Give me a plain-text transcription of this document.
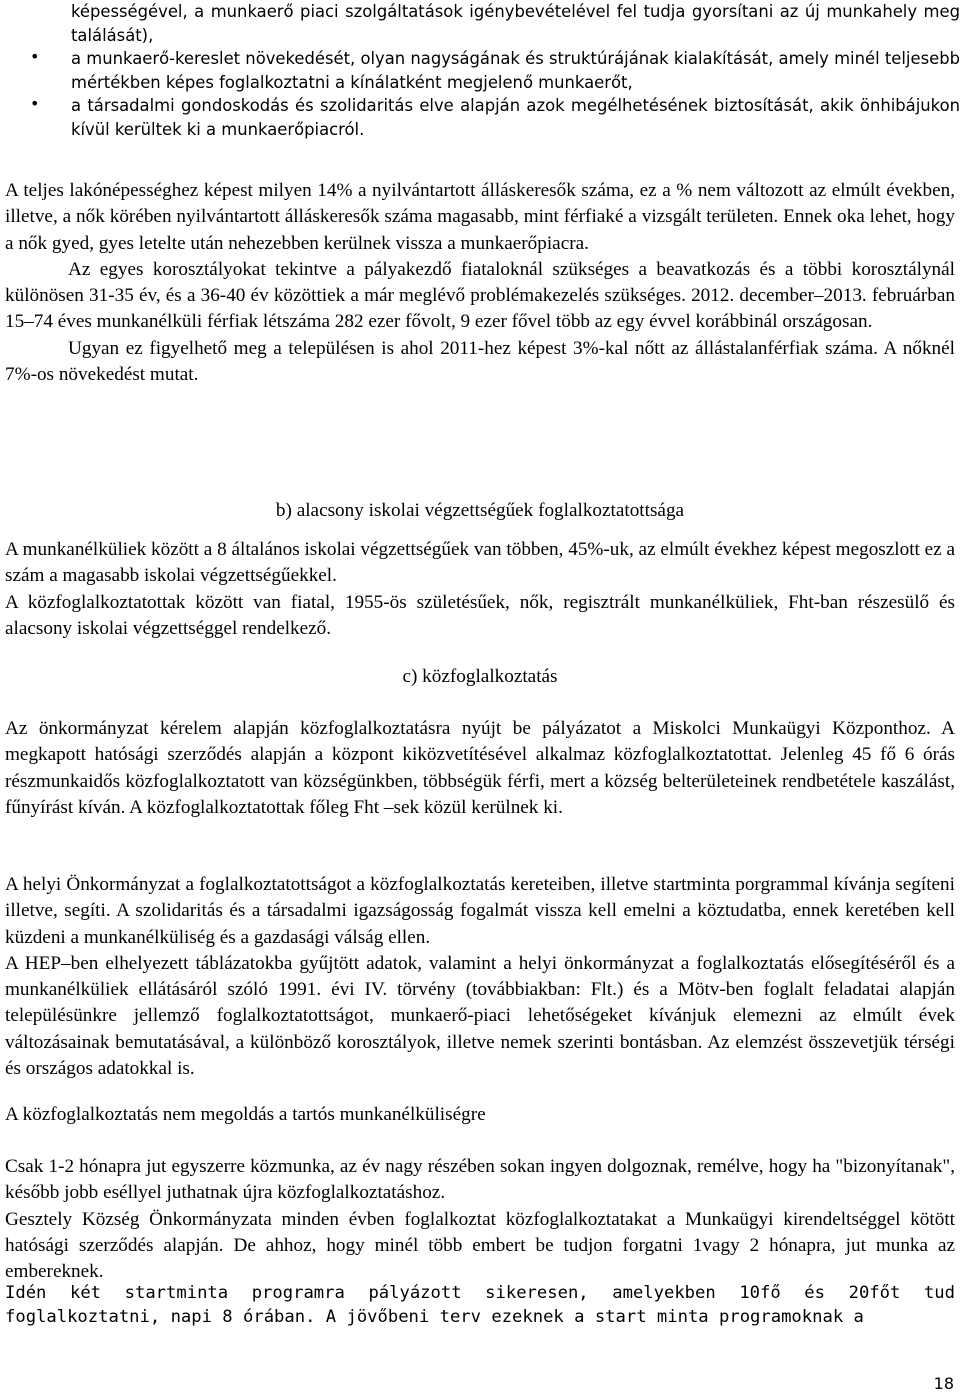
képességével, a munkaerő piaci szolgáltatások igénybevételével fel tudja gyorsítani az új munkahely meg találását),

• a munkaerő-kereslet növekedését, olyan nagyságának és struktúrájának kialakítását, amely minél teljesebb mértékben képes foglalkoztatni a kínálatként megjelenő munkaerőt,

• a társadalmi gondoskodás és szolidaritás elve alapján azok megélhetésének biztosítását, akik önhibájukon kívül kerültek ki a munkaerőpiacról.

A teljes lakónépességhez képest milyen 14% a nyilvántartott álláskeresők száma, ez a % nem változott az elmúlt években, illetve, a nők körében nyilvántartott álláskeresők száma magasabb, mint férfiaké a vizsgált területen. Ennek oka lehet, hogy a nők gyed, gyes letelte után nehezebben kerülnek vissza a munkaerőpiacra.

Az egyes korosztályokat tekintve a pályakezdő fiataloknál szükséges a beavatkozás és a többi korosztálynál különösen 31-35 év, és a 36-40 év közöttiek a már meglévő problémakezelés szükséges. 2012. december–2013. februárban 15–74 éves munkanélküli férfiak létszáma 282 ezer fővolt, 9 ezer fővel több az egy évvel korábbinál országosan.

Ugyan ez figyelhető meg a településen is ahol 2011-hez képest 3%-kal nőtt az állástalanférfiak száma. A nőknél 7%-os növekedést mutat.

b) alacsony iskolai végzettségűek foglalkoztatottsága

A munkanélküliek között a 8 általános iskolai végzettségűek van többen, 45%-uk, az elmúlt évekhez képest megoszlott ez a szám a magasabb iskolai végzettségűekkel.

A közfoglalkoztatottak között van fiatal, 1955-ös születésűek, nők, regisztrált munkanélküliek, Fht-ban részesülő és alacsony iskolai végzettséggel rendelkező.

c) közfoglalkoztatás

Az önkormányzat kérelem alapján közfoglalkoztatásra nyújt be pályázatot a Miskolci Munkaügyi Központhoz. A megkapott hatósági szerződés alapján a központ kiközvetítésével alkalmaz közfoglalkoztatottat. Jelenleg 45 fő 6 órás részmunkaidős közfoglalkoztatott van községünkben, többségük férfi, mert a község belterületeinek rendbetétele kaszálást, fűnyírást kíván. A közfoglalkoztatottak főleg Fht –sek közül kerülnek ki.

A helyi Önkormányzat a foglalkoztatottságot a közfoglalkoztatás kereteiben, illetve startminta porgrammal kívánja segíteni illetve, segíti. A szolidaritás és a társadalmi igazságosság fogalmát vissza kell emelni a köztudatba, ennek keretében kell küzdeni a munkanélküliség és a gazdasági válság ellen.

A HEP–ben elhelyezett táblázatokba gyűjtött adatok, valamint a helyi önkormányzat a foglalkoztatás elősegítéséről és a munkanélküliek ellátásáról szóló 1991. évi IV. törvény (továbbiakban: Flt.) és a Mötv-ben foglalt feladatai alapján településünkre jellemző foglalkoztatottságot, munkaerő-piaci lehetőségeket kívánjuk elemezni az elmúlt évek változásainak bemutatásával, a különböző korosztályok, illetve nemek szerinti bontásban. Az elemzést összevetjük térségi és országos adatokkal is.

A közfoglalkoztatás nem megoldás a tartós munkanélküliségre

Csak 1-2 hónapra jut egyszerre közmunka, az év nagy részében sokan ingyen dolgoznak, remélve, hogy ha "bizonyítanak", később jobb eséllyel juthatnak újra közfoglalkoztatáshoz.

Gesztely Község Önkormányzata minden évben foglalkoztat közfoglalkoztatakat a Munkaügyi kirendeltséggel kötött hatósági szerződés alapján. De ahhoz, hogy minél több embert be tudjon forgatni 1vagy 2 hónapra, jut munka az embereknek.

Idén két startminta programra pályázott sikeresen, amelyekben 10fő és 20főt tud foglalkoztatni, napi 8 órában. A jövőbeni terv ezeknek a start minta programoknak a

18
